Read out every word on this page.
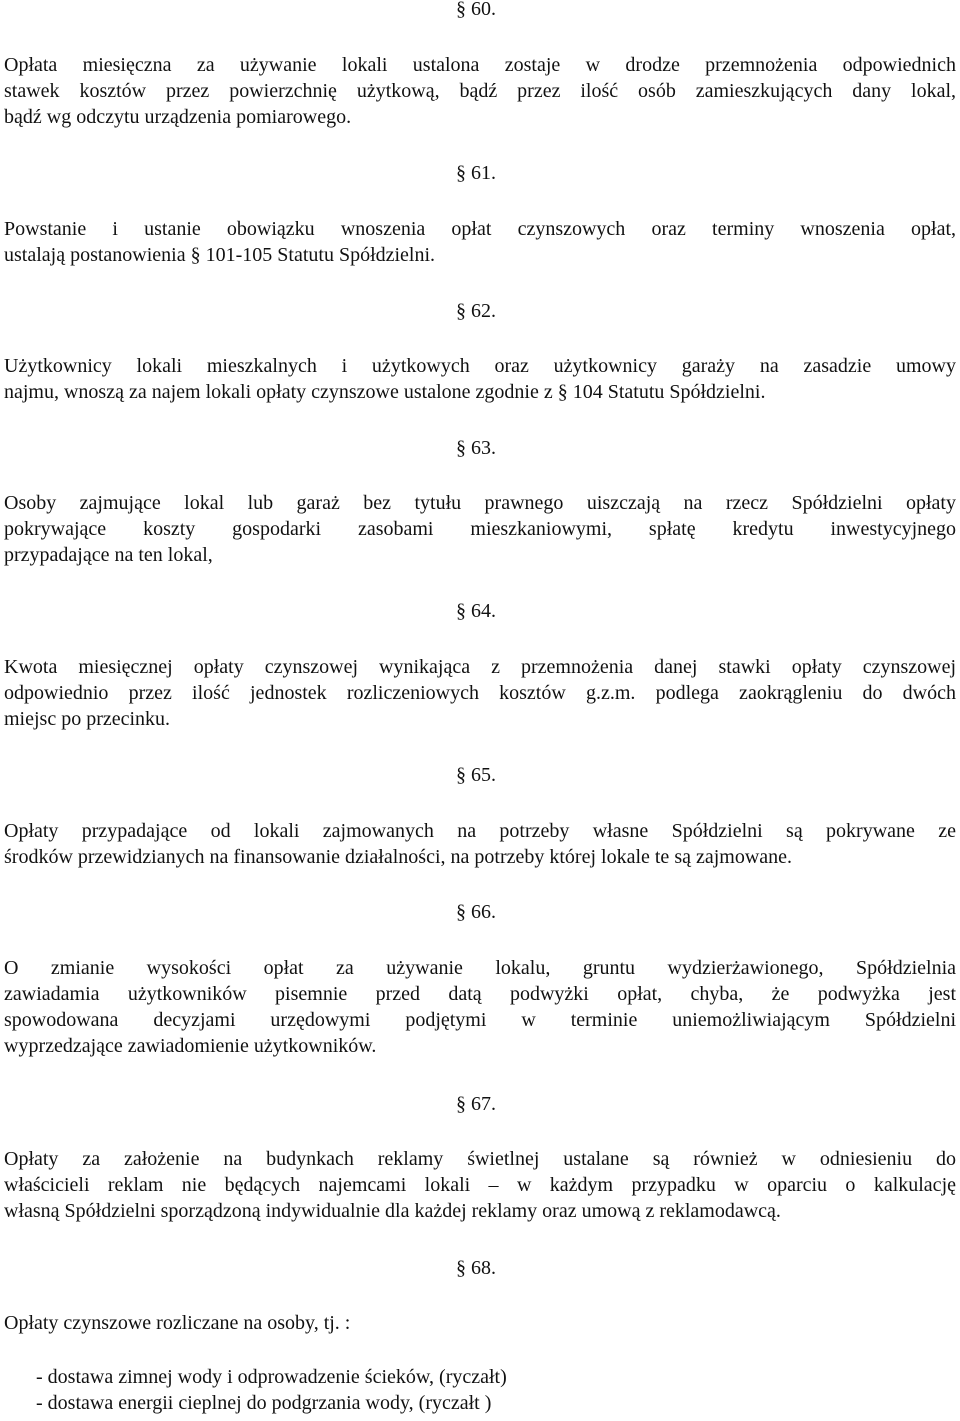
§ 60.
Opłata miesięczna za używanie lokali ustalona zostaje w drodze przemnożenia odpowiednich
stawek kosztów przez powierzchnię użytkową, bądź przez ilość osób zamieszkujących dany lokal,
bądź wg odczytu urządzenia pomiarowego.
§ 61.
Powstanie i ustanie obowiązku wnoszenia opłat czynszowych oraz terminy wnoszenia opłat,
ustalają postanowienia § 101-105 Statutu Spółdzielni.
§ 62.
Użytkownicy lokali mieszkalnych i użytkowych oraz użytkownicy garaży na zasadzie umowy
najmu, wnoszą za najem lokali opłaty czynszowe ustalone zgodnie z § 104 Statutu Spółdzielni.
§ 63.
Osoby zajmujące lokal lub garaż bez tytułu prawnego uiszczają na rzecz Spółdzielni opłaty
pokrywające koszty gospodarki zasobami mieszkaniowymi, spłatę kredytu inwestycyjnego
przypadające na ten lokal,
§ 64.
Kwota miesięcznej opłaty czynszowej wynikająca z przemnożenia danej stawki opłaty czynszowej
odpowiednio przez ilość jednostek rozliczeniowych kosztów g.z.m. podlega zaokrągleniu do dwóch
miejsc po przecinku.
§ 65.
Opłaty przypadające od lokali zajmowanych na potrzeby własne Spółdzielni są pokrywane ze
środków przewidzianych na finansowanie działalności, na potrzeby której lokale te są zajmowane.
§ 66.
O zmianie wysokości opłat za używanie lokalu, gruntu wydzierżawionego, Spółdzielnia
zawiadamia użytkowników pisemnie przed datą podwyżki opłat, chyba, że podwyżka jest
spowodowana decyzjami urzędowymi podjętymi w terminie uniemożliwiającym Spółdzielni
wyprzedzające zawiadomienie użytkowników.
§ 67.
Opłaty za założenie na budynkach reklamy świetlnej ustalane są również w odniesieniu do
właścicieli reklam nie będących najemcami lokali – w każdym przypadku w oparciu o kalkulację
własną Spółdzielni sporządzoną indywidualnie dla każdej reklamy oraz umową z reklamodawcą.
§ 68.
Opłaty czynszowe rozliczane na osoby, tj. :
- dostawa zimnej wody i odprowadzenie ścieków, (ryczałt)
- dostawa energii cieplnej do podgrzania wody, (ryczałt )
